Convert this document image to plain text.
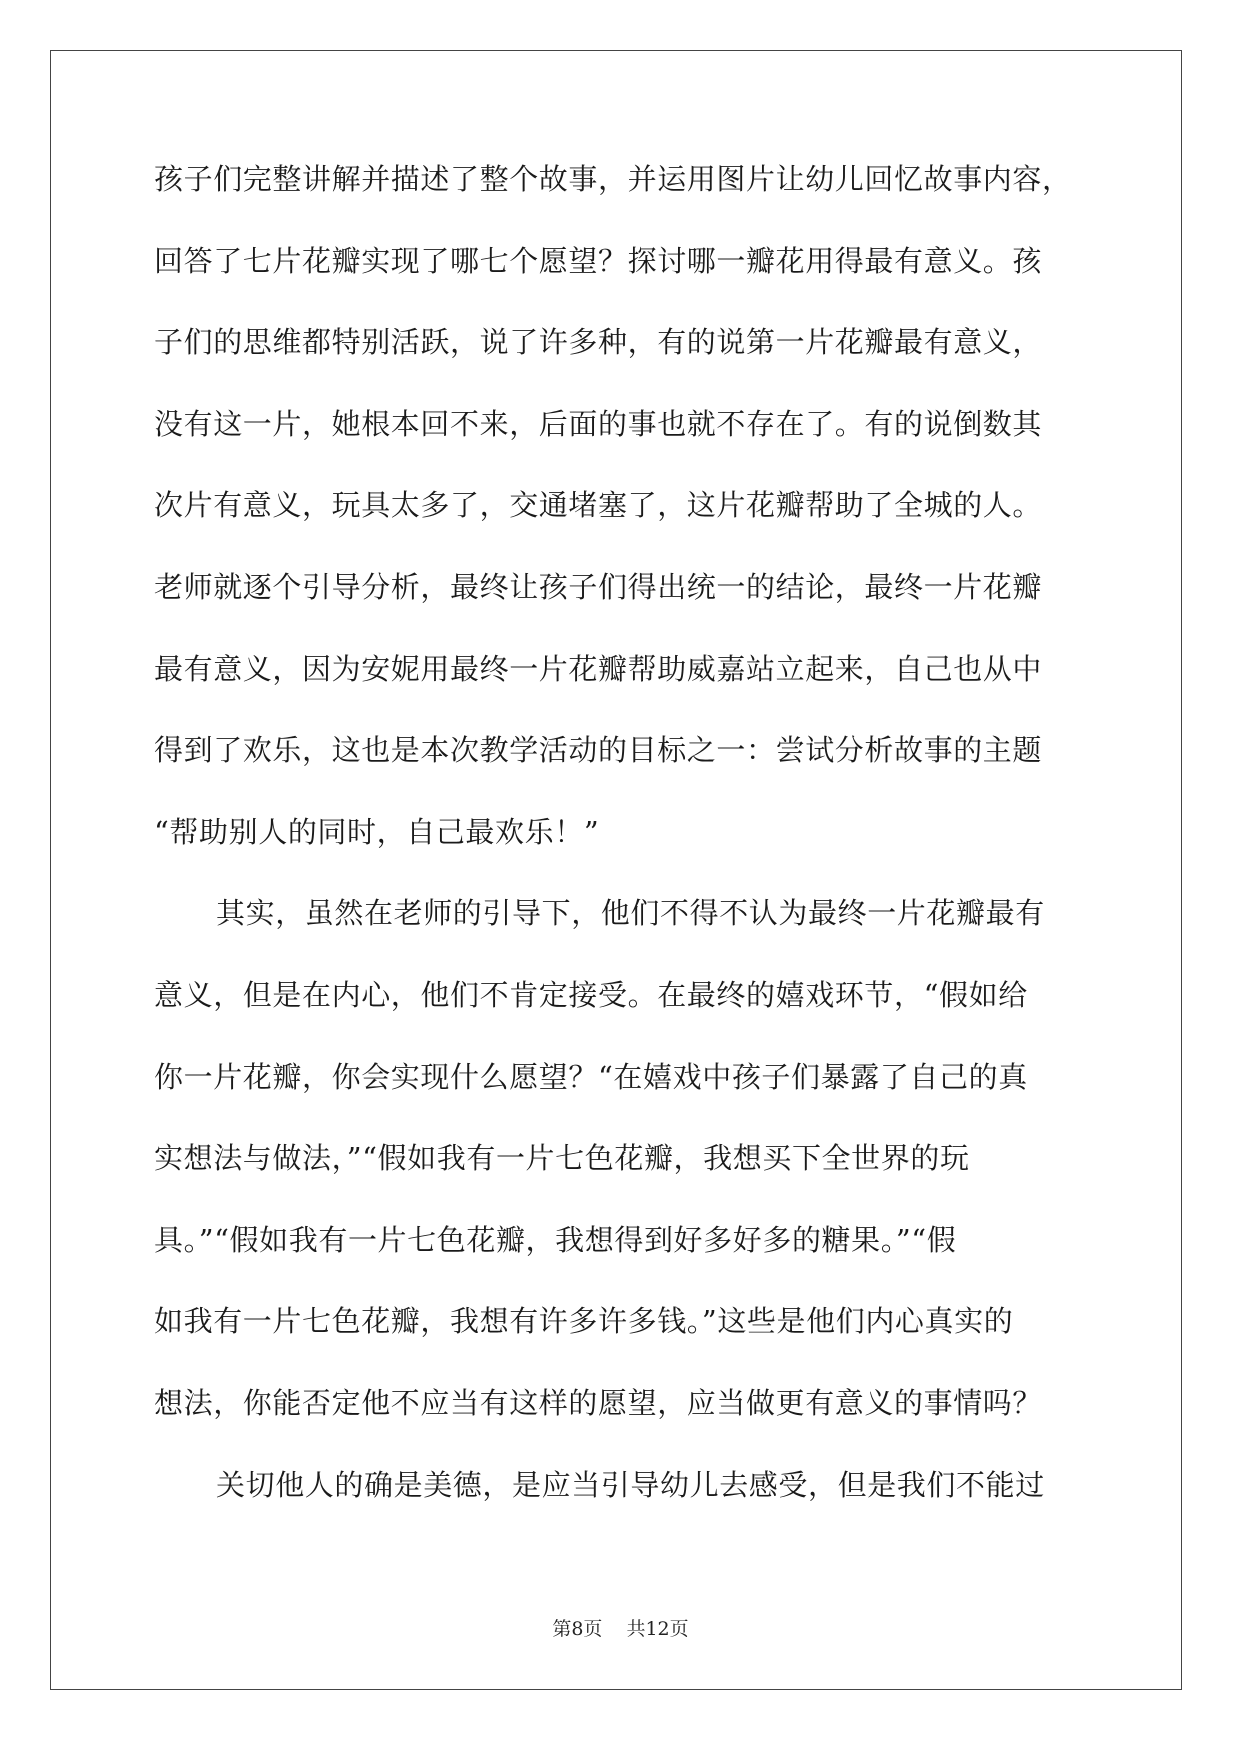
孩子们完整讲解并描述了整个故事，并运用图片让幼儿回忆故事内容，
回答了七片花瓣实现了哪七个愿望？探讨哪一瓣花用得最有意义。孩
子们的思维都特别活跃，说了许多种，有的说第一片花瓣最有意义，
没有这一片，她根本回不来，后面的事也就不存在了。有的说倒数其
次片有意义，玩具太多了，交通堵塞了，这片花瓣帮助了全城的人。
老师就逐个引导分析，最终让孩子们得出统一的结论，最终一片花瓣
最有意义，因为安妮用最终一片花瓣帮助威嘉站立起来，自己也从中
得到了欢乐，这也是本次教学活动的目标之一：尝试分析故事的主题
“帮助别人的同时，自己最欢乐！”
其实，虽然在老师的引导下，他们不得不认为最终一片花瓣最有
意义，但是在内心，他们不肯定接受。在最终的嬉戏环节，“假如给
你一片花瓣，你会实现什么愿望？“在嬉戏中孩子们暴露了自己的真
实想法与做法，”“假如我有一片七色花瓣，我想买下全世界的玩
具。”“假如我有一片七色花瓣，我想得到好多好多的糖果。”“假
如我有一片七色花瓣，我想有许多许多钱。”这些是他们内心真实的
想法，你能否定他不应当有这样的愿望，应当做更有意义的事情吗？
关切他人的确是美德，是应当引导幼儿去感受，但是我们不能过
第8页 共12页
